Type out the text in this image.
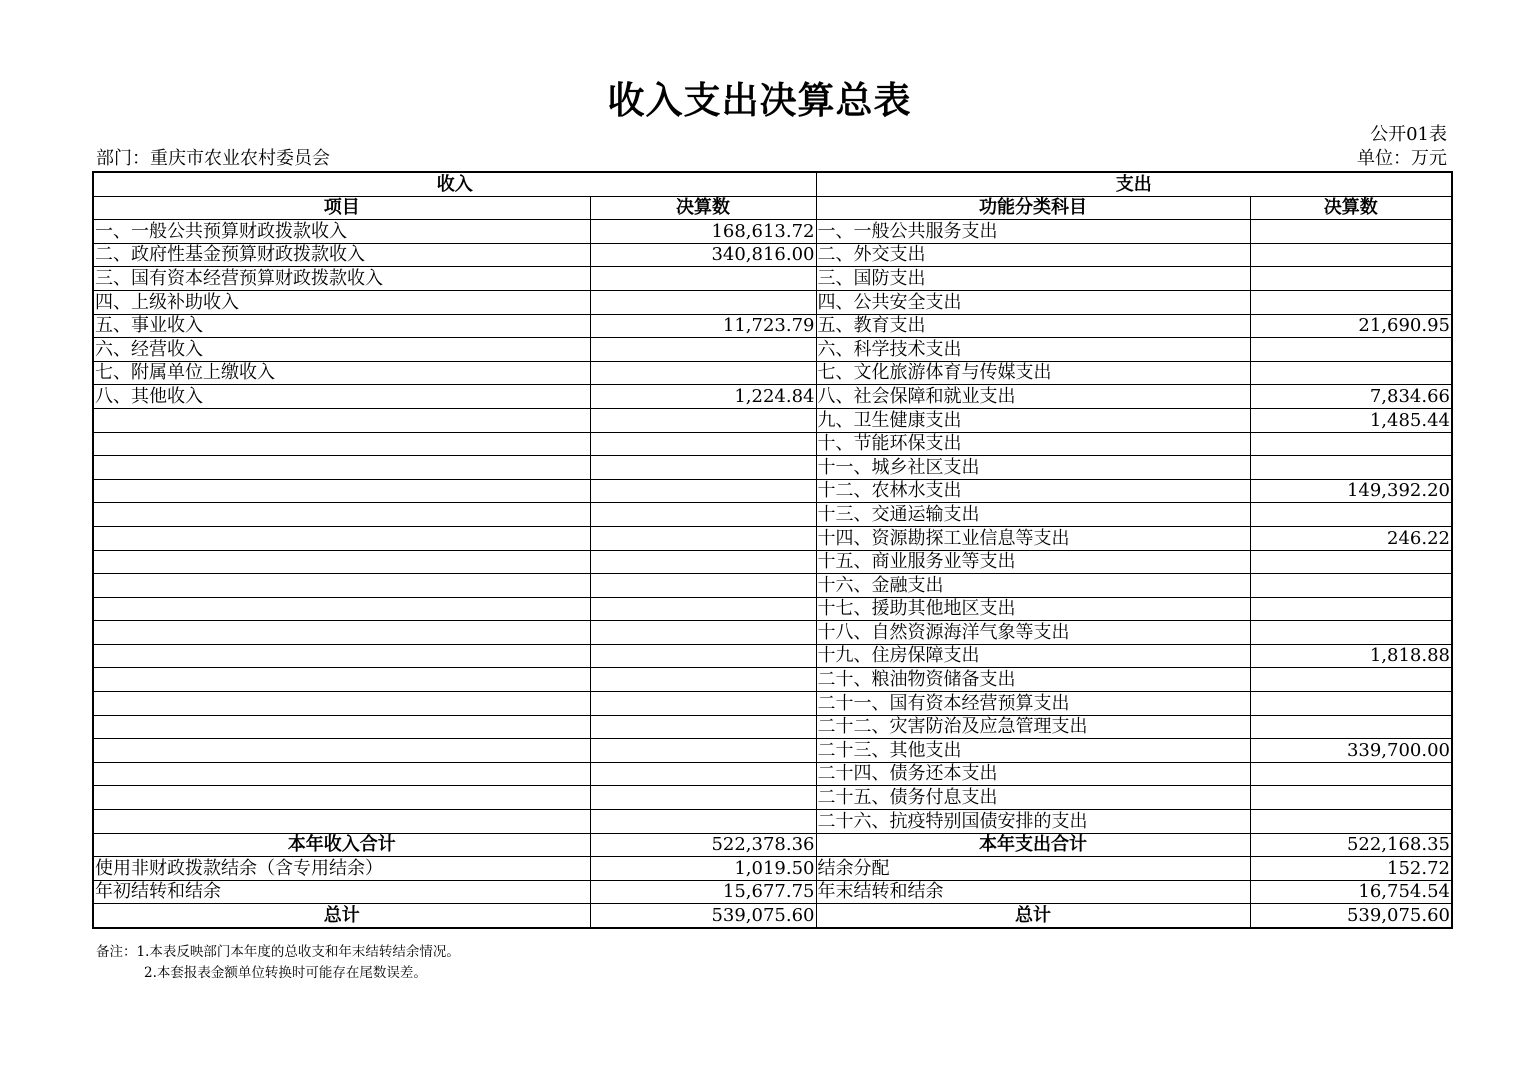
收入支出决算总表
公开01表
部门：重庆市农业农村委员会	单位：万元
收入		支出	
项目	决算数	功能分类科目	决算数
一、一般公共预算财政拨款收入	168,613.72	一、一般公共服务支出	
二、政府性基金预算财政拨款收入	340,816.00	二、外交支出	
三、国有资本经营预算财政拨款收入		三、国防支出	
四、上级补助收入		四、公共安全支出	
五、事业收入	11,723.79	五、教育支出	21,690.95
六、经营收入		六、科学技术支出	
七、附属单位上缴收入		七、文化旅游体育与传媒支出	
八、其他收入	1,224.84	八、社会保障和就业支出	7,834.66
		九、卫生健康支出	1,485.44
		十、节能环保支出	
		十一、城乡社区支出	
		十二、农林水支出	149,392.20
		十三、交通运输支出	
		十四、资源勘探工业信息等支出	246.22
		十五、商业服务业等支出	
		十六、金融支出	
		十七、援助其他地区支出	
		十八、自然资源海洋气象等支出	
		十九、住房保障支出	1,818.88
		二十、粮油物资储备支出	
		二十一、国有资本经营预算支出	
		二十二、灾害防治及应急管理支出	
		二十三、其他支出	339,700.00
		二十四、债务还本支出	
		二十五、债务付息支出	
		二十六、抗疫特别国债安排的支出	
本年收入合计	522,378.36	本年支出合计	522,168.35
使用非财政拨款结余（含专用结余）	1,019.50	结余分配	152.72
年初结转和结余	15,677.75	年末结转和结余	16,754.54
总计	539,075.60	总计	539,075.60
备注：1.本表反映部门本年度的总收支和年末结转结余情况。
2.本套报表金额单位转换时可能存在尾数误差。
